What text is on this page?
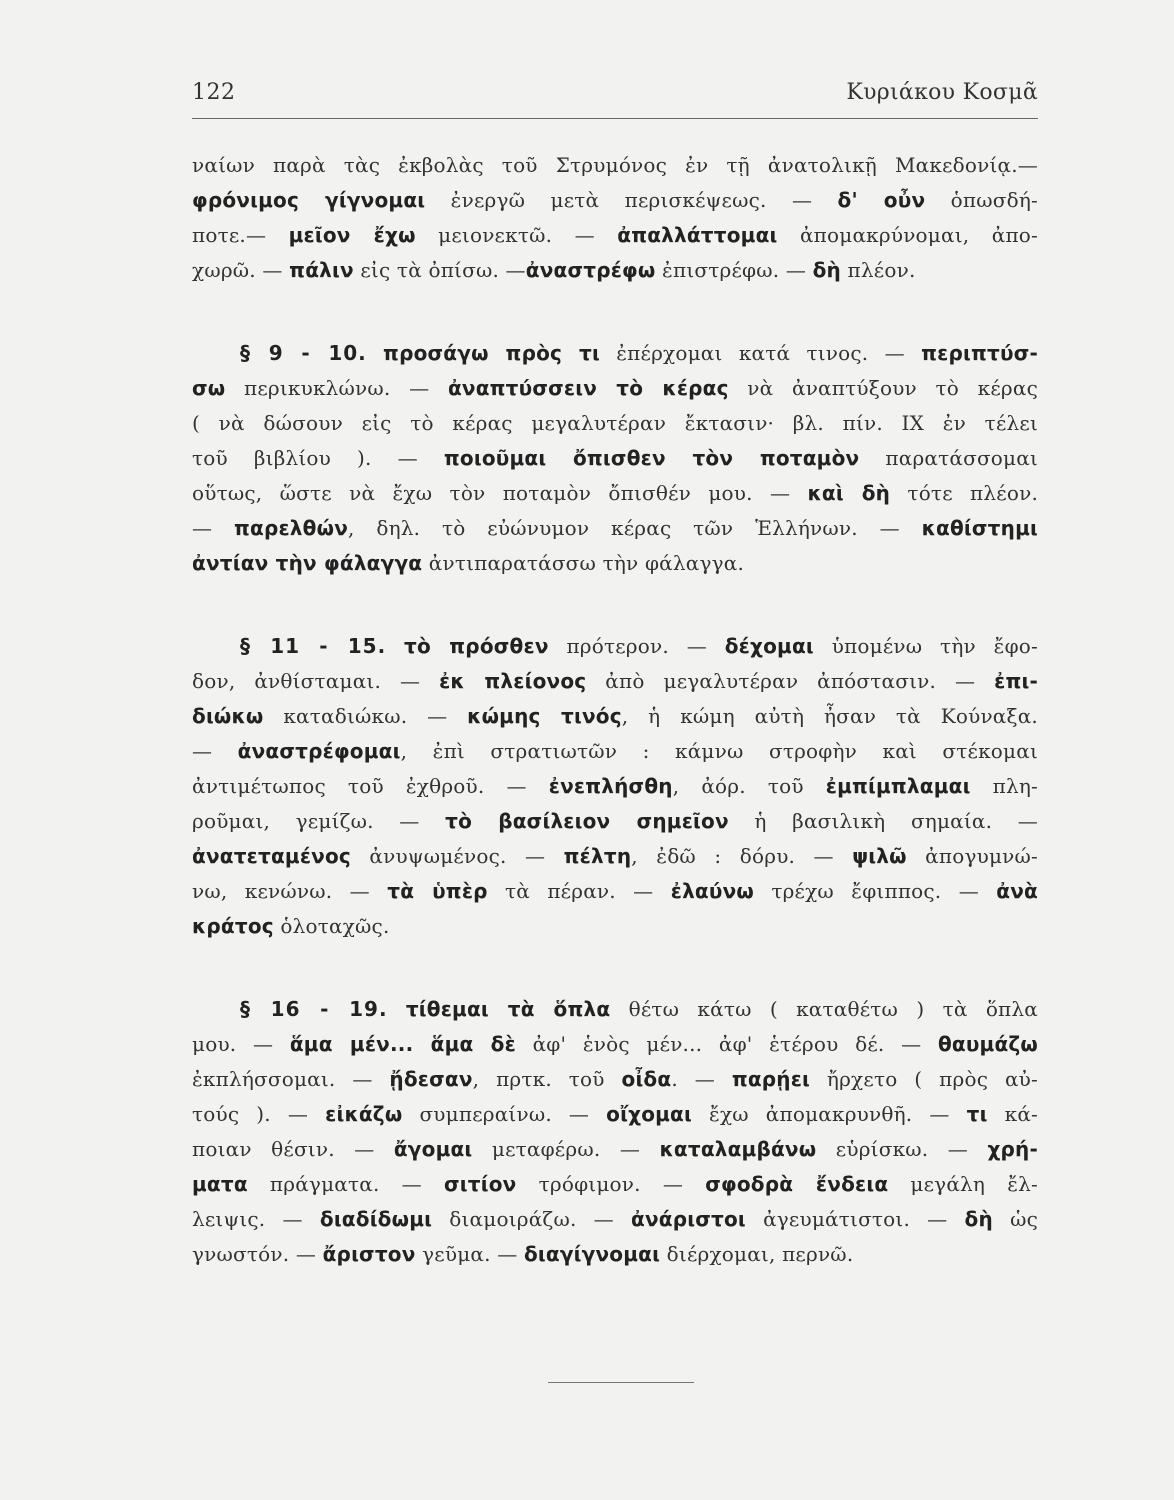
122	Κυριάκου Κοσμᾶ
ναίων παρὰ τὰς ἐκβολὰς τοῦ Στρυμόνος ἐν τῇ ἀνατολικῇ Μακεδονίᾳ.—
φρόνιμος γίγνομαι ἐνεργῶ μετὰ περισκέψεως. — δ' οὖν ὁπωσδή-
ποτε.— μεῖον ἔχω μειονεκτῶ. — ἀπαλλάττομαι ἀπομακρύνομαι, ἀπο-
χωρῶ. — πάλιν εἰς τὰ ὀπίσω. —ἀναστρέφω ἐπιστρέφω. — δὴ πλέον.
§ 9 - 10. προσάγω πρὸς τι ἐπέρχομαι κατά τινος. — περιπτύσ-
σω περικυκλώνω. — ἀναπτύσσειν τὸ κέρας νὰ ἀναπτύξουν τὸ κέρας
( νὰ δώσουν εἰς τὸ κέρας μεγαλυτέραν ἔκτασιν· βλ. πίν. IX ἐν τέλει
τοῦ βιβλίου ). — ποιοῦμαι ὄπισθεν τὸν ποταμὸν παρατάσσομαι
οὕτως, ὥστε νὰ ἔχω τὸν ποταμὸν ὄπισθέν μου. — καὶ δὴ τότε πλέον.
— παρελθών, δηλ. τὸ εὐώνυμον κέρας τῶν Ἑλλήνων. — καθίστημι
ἀντίαν τὴν φάλαγγα ἀντιπαρατάσσω τὴν φάλαγγα.
§ 11 - 15. τὸ πρόσθεν πρότερον. — δέχομαι ὑπομένω τὴν ἔφο-
δον, ἀνθίσταμαι. — ἐκ πλείονος ἀπὸ μεγαλυτέραν ἀπόστασιν. — ἐπι-
διώκω καταδιώκω. — κώμης τινός, ἡ κώμη αὐτὴ ἦσαν τὰ Κούναξα.
— ἀναστρέφομαι, ἐπὶ στρατιωτῶν : κάμνω στροφὴν καὶ στέκομαι
ἀντιμέτωπος τοῦ ἐχθροῦ. — ἐνεπλήσθη, ἀόρ. τοῦ ἐμπίμπλαμαι πλη-
ροῦμαι, γεμίζω. — τὸ βασίλειον σημεῖον ἡ βασιλικὴ σημαία. —
ἀνατεταμένος ἀνυψωμένος. — πέλτη, ἐδῶ : δόρυ. — ψιλῶ ἀπογυμνώ-
νω, κενώνω. — τὰ ὑπὲρ τὰ πέραν. — ἐλαύνω τρέχω ἔφιππος. — ἀνὰ
κράτος ὁλοταχῶς.
§ 16 - 19. τίθεμαι τὰ ὅπλα θέτω κάτω ( καταθέτω ) τὰ ὅπλα
μου. — ἅμα μέν... ἅμα δὲ ἀφ' ἑνὸς μέν... ἀφ' ἑτέρου δέ. — θαυμάζω
ἐκπλήσσομαι. — ᾔδεσαν, πρτκ. τοῦ οἶδα. — παρῄει ἤρχετο ( πρὸς αὐ-
τούς ). — εἰκάζω συμπεραίνω. — οἴχομαι ἔχω ἀπομακρυνθῆ. — τι κά-
ποιαν θέσιν. — ἄγομαι μεταφέρω. — καταλαμβάνω εὑρίσκω. — χρή-
ματα πράγματα. — σιτίον τρόφιμον. — σφοδρὰ ἔνδεια μεγάλη ἔλ-
λειψις. — διαδίδωμι διαμοιράζω. — ἀνάριστοι ἀγευμάτιστοι. — δὴ ὡς
γνωστόν. — ἄριστον γεῦμα. — διαγίγνομαι διέρχομαι, περνῶ.
